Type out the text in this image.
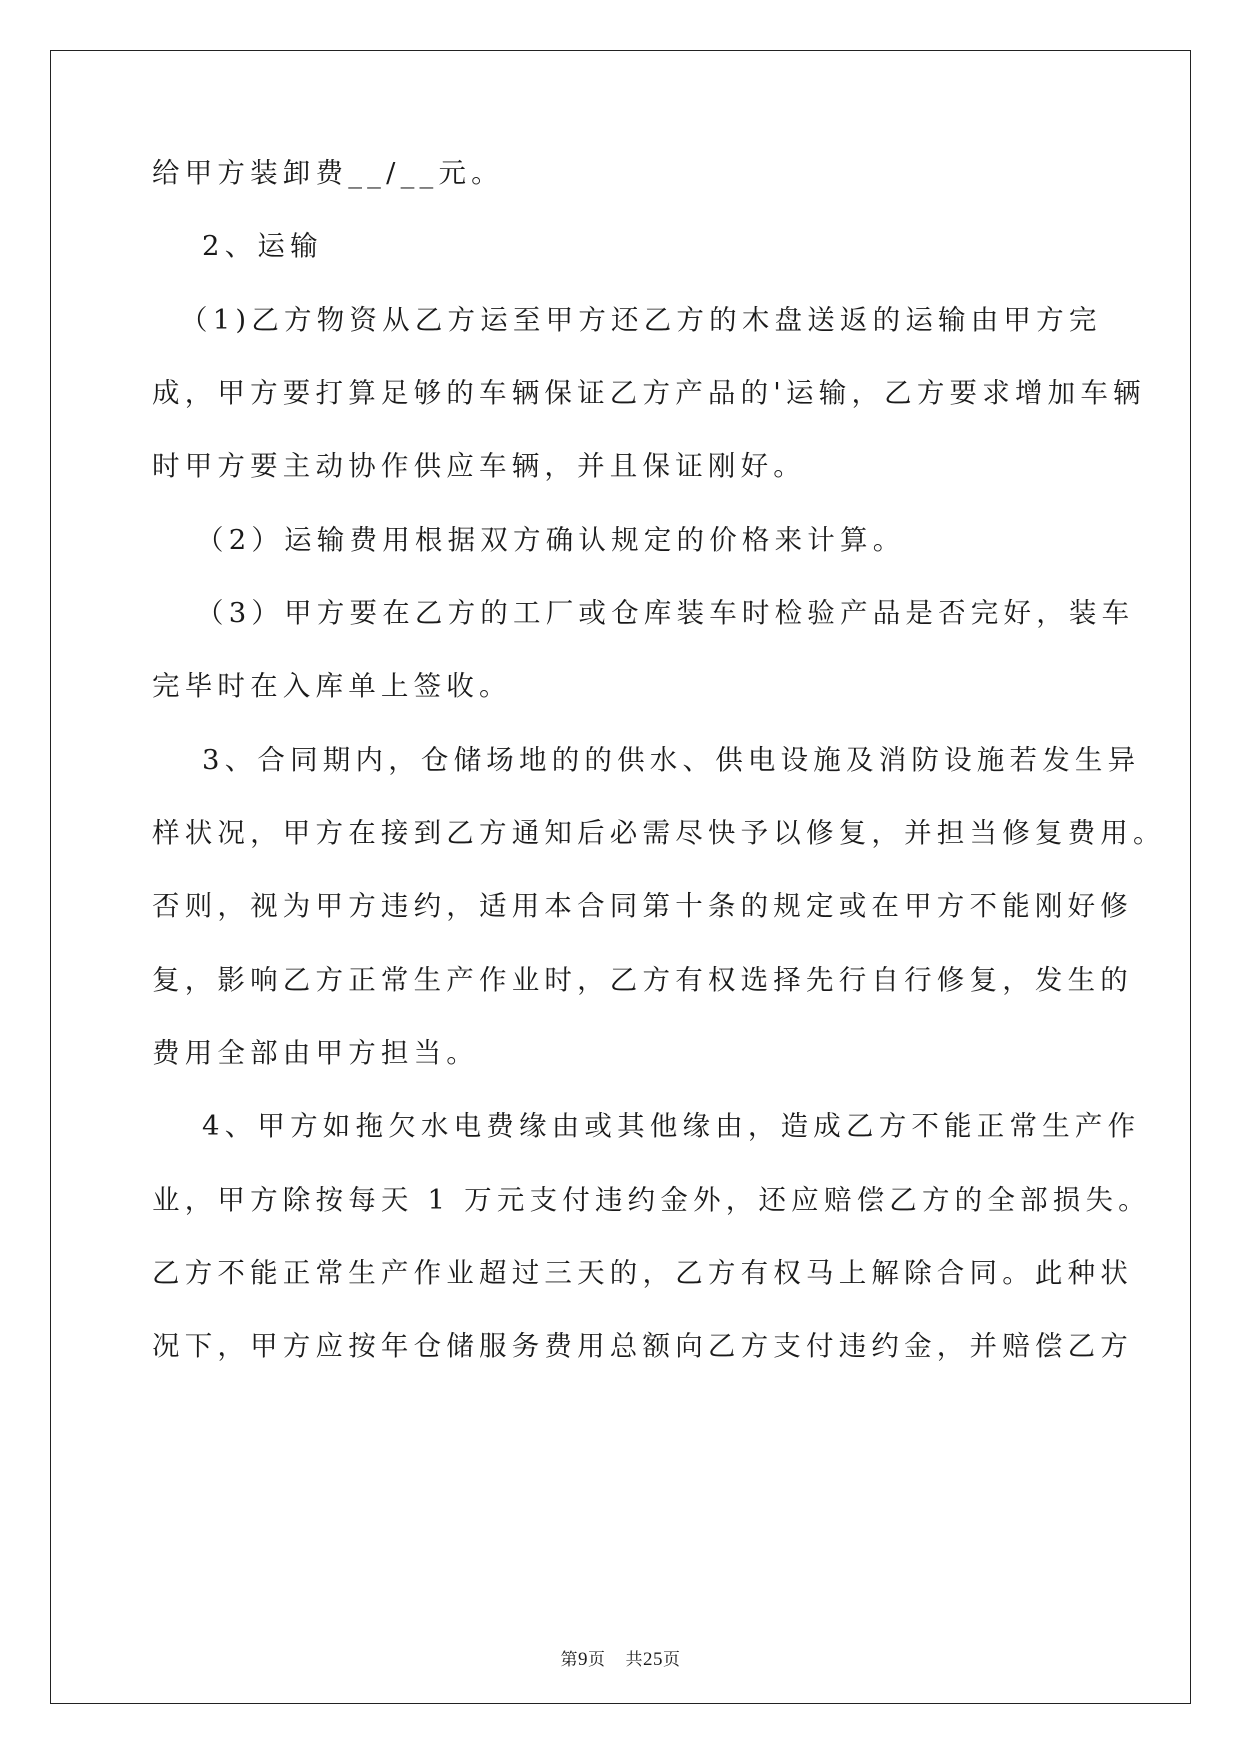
给甲方装卸费__/__元。
2、运输
（1)乙方物资从乙方运至甲方还乙方的木盘送返的运输由甲方完
成，甲方要打算足够的车辆保证乙方产品的'运输，乙方要求增加车辆
时甲方要主动协作供应车辆，并且保证刚好。
（2）运输费用根据双方确认规定的价格来计算。
（3）甲方要在乙方的工厂或仓库装车时检验产品是否完好，装车
完毕时在入库单上签收。
3、合同期内，仓储场地的的供水、供电设施及消防设施若发生异
样状况，甲方在接到乙方通知后必需尽快予以修复，并担当修复费用。
否则，视为甲方违约，适用本合同第十条的规定或在甲方不能刚好修
复，影响乙方正常生产作业时，乙方有权选择先行自行修复，发生的
费用全部由甲方担当。
4、甲方如拖欠水电费缘由或其他缘由，造成乙方不能正常生产作
业，甲方除按每天 1 万元支付违约金外，还应赔偿乙方的全部损失。
乙方不能正常生产作业超过三天的，乙方有权马上解除合同。此种状
况下，甲方应按年仓储服务费用总额向乙方支付违约金，并赔偿乙方
第9页 共25页
